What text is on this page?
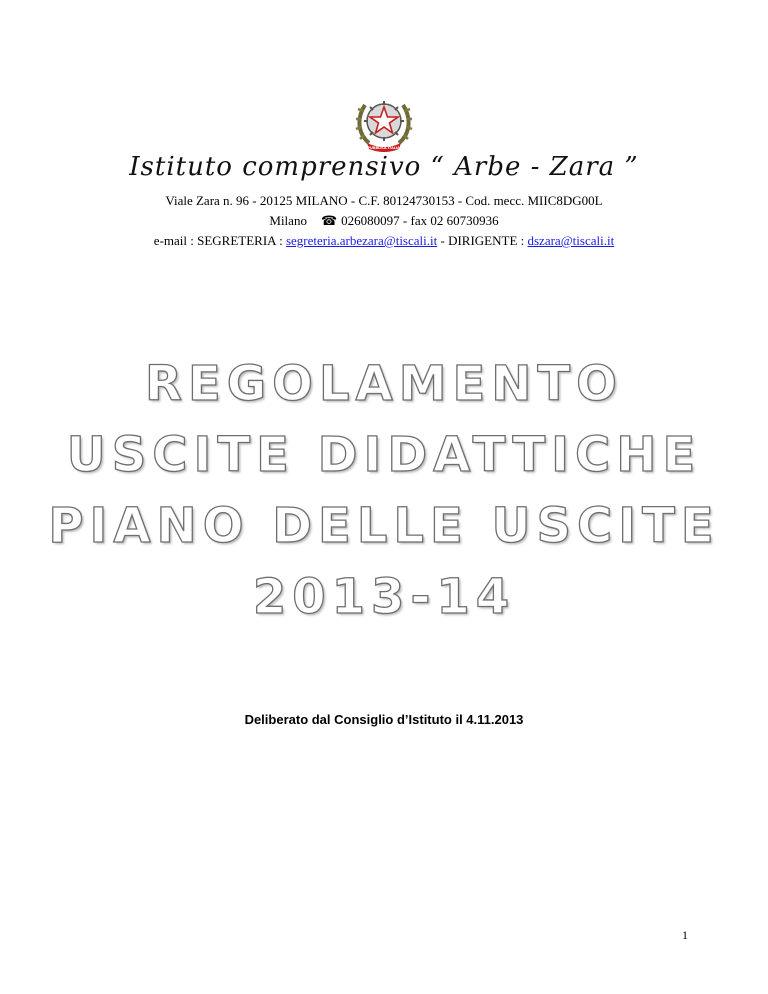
REPUBBLICA ITALIANA
Istituto comprensivo “ Arbe - Zara ”
Viale Zara n. 96 - 20125 MILANO - C.F. 80124730153 - Cod. mecc. MIIC8DG00L
Milano ☎ 026080097 - fax 02 60730936
e-mail : SEGRETERIA : segreteria.arbezara@tiscali.it - DIRIGENTE : dszara@tiscali.it
REGOLAMENTO
USCITE DIDATTICHE
PIANO DELLE USCITE
2013-14
Deliberato dal Consiglio d’Istituto il 4.11.2013
1
